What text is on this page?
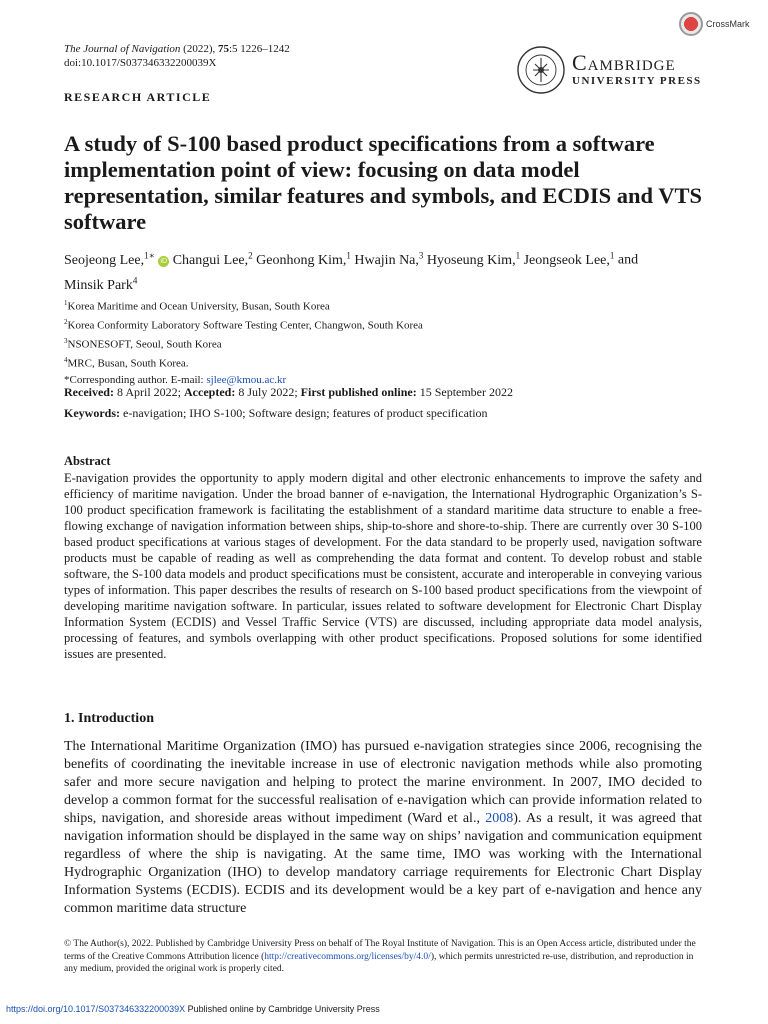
The Journal of Navigation (2022), 75:5 1226–1242
doi:10.1017/S037346332200039X
CrossMark
Cambridge
UNIVERSITY PRESS
RESEARCH ARTICLE
A study of S-100 based product specifications from a software implementation point of view: focusing on data model representation, similar features and symbols, and ECDIS and VTS software
Seojeong Lee,$^{1∗}$ iD Changui Lee,$^2$ Geonhong Kim,$^1$ Hwajin Na,$^3$ Hyoseung Kim,$^1$ Jeongseok Lee,$^1$ and
Minsik Park$^4$
$^1$Korea Maritime and Ocean University, Busan, South Korea
$^2$Korea Conformity Laboratory Software Testing Center, Changwon, South Korea
$^3$NSONESOFT, Seoul, South Korea
$^4$MRC, Busan, South Korea.
*Corresponding author. E-mail: sjlee@kmou.ac.kr
Received: 8 April 2022; Accepted: 8 July 2022; First published online: 15 September 2022
Keywords: e-navigation; IHO S-100; Software design; features of product specification
Abstract

E-navigation provides the opportunity to apply modern digital and other electronic enhancements to improve the safety and efficiency of maritime navigation. Under the broad banner of e-navigation, the International Hydrographic Organization’s S-100 product specification framework is facilitating the establishment of a standard maritime data structure to enable a free-flowing exchange of navigation information between ships, ship-to-shore and shore-to-ship. There are currently over 30 S-100 based product specifications at various stages of development. For the data standard to be properly used, navigation software products must be capable of reading as well as comprehending the data format and content. To develop robust and stable software, the S-100 data models and product specifications must be consistent, accurate and interoperable in conveying various types of information. This paper describes the results of research on S-100 based product specifications from the viewpoint of developing maritime navigation software. In particular, issues related to software development for Electronic Chart Display Information System (ECDIS) and Vessel Traffic Service (VTS) are discussed, including appropriate data model analysis, processing of features, and symbols overlapping with other product specifications. Proposed solutions for some identified issues are presented.

1. Introduction

The International Maritime Organization (IMO) has pursued e-navigation strategies since 2006, recognising the benefits of coordinating the inevitable increase in use of electronic navigation methods while also promoting safer and more secure navigation and helping to protect the marine environment. In 2007, IMO decided to develop a common format for the successful realisation of e-navigation which can provide information related to ships, navigation, and shoreside areas without impediment (Ward et al., 2008). As a result, it was agreed that navigation information should be displayed in the same way on ships’ navigation and communication equipment regardless of where the ship is navigating. At the same time, IMO was working with the International Hydrographic Organization (IHO) to develop mandatory carriage requirements for Electronic Chart Display Information Systems (ECDIS). ECDIS and its development would be a key part of e-navigation and hence any common maritime data structure

© The Author(s), 2022. Published by Cambridge University Press on behalf of The Royal Institute of Navigation. This is an Open Access article, distributed under the terms of the Creative Commons Attribution licence (http://creativecommons.org/licenses/by/4.0/), which permits unrestricted re-use, distribution, and reproduction in any medium, provided the original work is properly cited.

https://doi.org/10.1017/S037346332200039X Published online by Cambridge University Press
